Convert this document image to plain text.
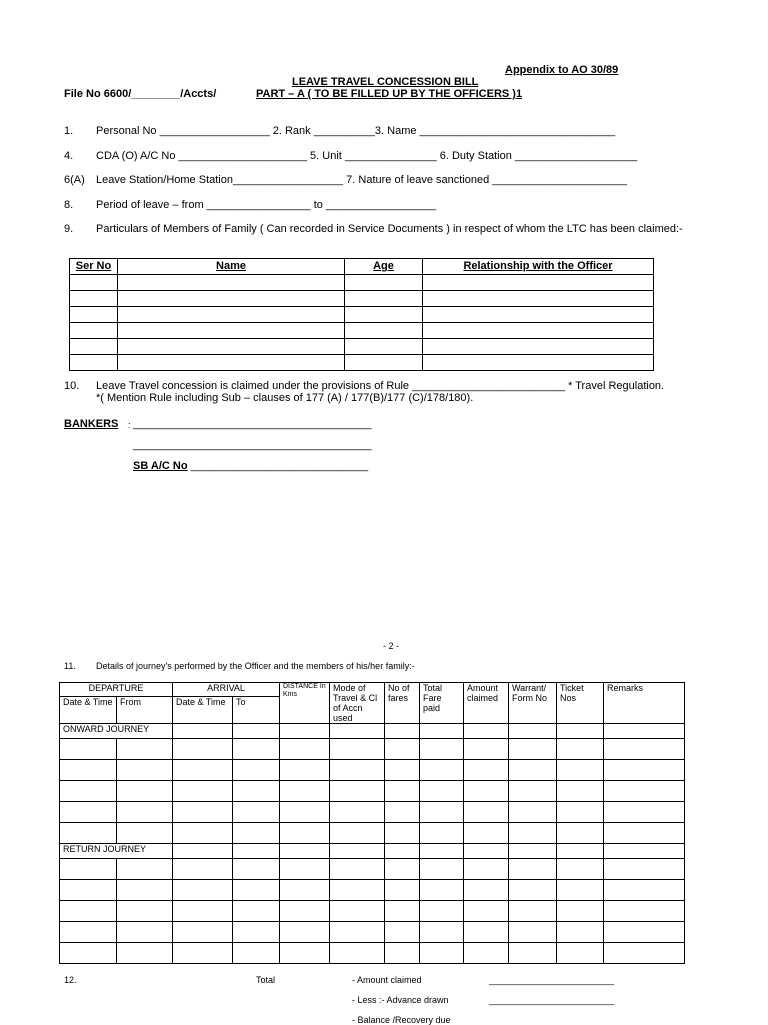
Appendix to AO 30/89
LEAVE TRAVEL CONCESSION BILL
File No 6600/________/Accts/	PART – A ( TO BE FILLED UP BY THE OFFICERS )1
1. Personal No __________________ 2. Rank __________3. Name ________________________________
4. CDA (O) A/C No _____________________ 5. Unit _______________ 6. Duty Station ____________________
6(A) Leave Station/Home Station__________________ 7. Nature of leave sanctioned ______________________
8. Period of leave – from _________________ to __________________
9. Particulars of Members of Family ( Can recorded in Service Documents ) in respect of whom the LTC has been claimed:-
Ser No	Name	Age	Relationship with the Officer

10. Leave Travel concession is claimed under the provisions of Rule _________________________ * Travel Regulation.
*( Mention Rule including Sub – clauses of 177 (A) / 177(B)/177 (C)/178/180).
BANKERS : _______________________________________
_______________________________________
SB A/C No _____________________________
- 2 -
11. Details of journey's performed by the Officer and the members of his/her family:-
DEPARTURE		ARRIVAL		DISTANCE In Kms	Mode of Travel & Cl of Accn used	No of fares	Total Fare paid	Amount claimed	Warrant/ Form No	Ticket Nos	Remarks
Date & Time	From	Date & Time	To								
ONWARD JOURNEY											

RETURN JOURNEY											

12.	Total	- Amount claimed	_________________________
- Less :- Advance drawn	_________________________
- Balance /Recovery due
